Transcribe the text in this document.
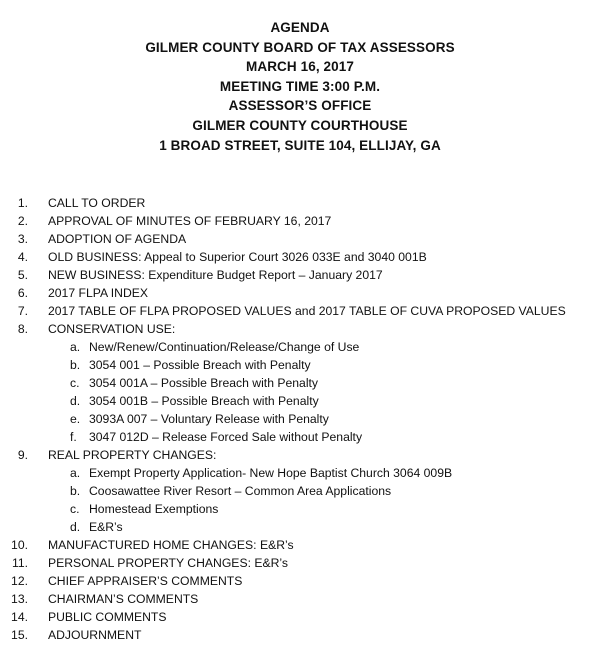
AGENDA
GILMER COUNTY BOARD OF TAX ASSESSORS
MARCH 16, 2017
MEETING TIME 3:00 P.M.
ASSESSOR’S OFFICE
GILMER COUNTY COURTHOUSE
1 BROAD STREET, SUITE 104, ELLIJAY, GA
1. CALL TO ORDER
2. APPROVAL OF MINUTES OF FEBRUARY 16, 2017
3. ADOPTION OF AGENDA
4. OLD BUSINESS: Appeal to Superior Court 3026 033E and 3040 001B
5. NEW BUSINESS: Expenditure Budget Report – January 2017
6. 2017 FLPA INDEX
7. 2017 TABLE OF FLPA PROPOSED VALUES and 2017 TABLE OF CUVA PROPOSED VALUES
8. CONSERVATION USE:
a. New/Renew/Continuation/Release/Change of Use
b. 3054 001 – Possible Breach with Penalty
c. 3054 001A – Possible Breach with Penalty
d. 3054 001B – Possible Breach with Penalty
e. 3093A 007 – Voluntary Release with Penalty
f. 3047 012D – Release Forced Sale without Penalty
9. REAL PROPERTY CHANGES:
a. Exempt Property Application- New Hope Baptist Church 3064 009B
b. Coosawattee River Resort – Common Area Applications
c. Homestead Exemptions
d. E&R’s
10. MANUFACTURED HOME CHANGES: E&R’s
11. PERSONAL PROPERTY CHANGES: E&R’s
12. CHIEF APPRAISER’S COMMENTS
13. CHAIRMAN’S COMMENTS
14. PUBLIC COMMENTS
15. ADJOURNMENT
